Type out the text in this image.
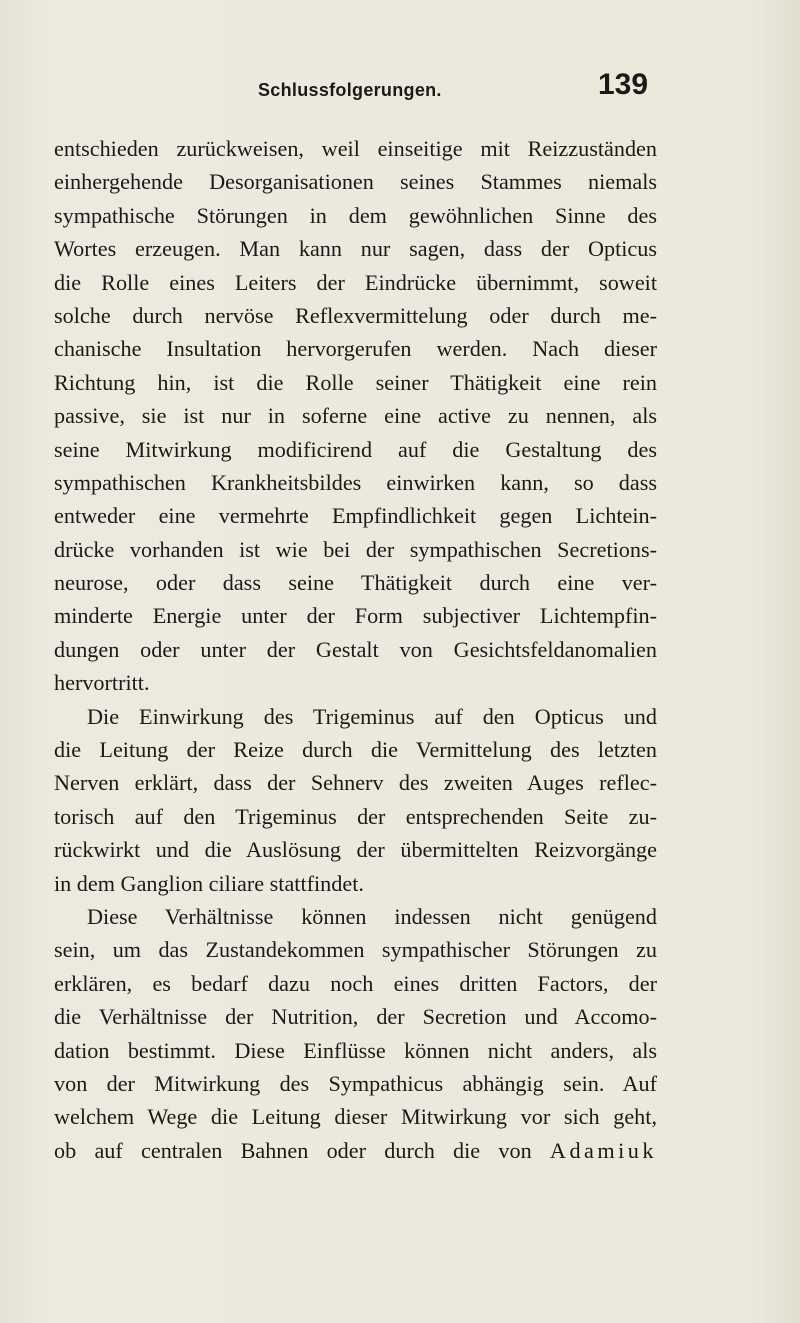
Schlussfolgerungen.	139
entschieden zurückweisen, weil einseitige mit Reizzuständen
einhergehende Desorganisationen seines Stammes niemals
sympathische Störungen in dem gewöhnlichen Sinne des
Wortes erzeugen. Man kann nur sagen, dass der Opticus
die Rolle eines Leiters der Eindrücke übernimmt, soweit
solche durch nervöse Reflexvermittelung oder durch me-
chanische Insultation hervorgerufen werden. Nach dieser
Richtung hin, ist die Rolle seiner Thätigkeit eine rein
passive, sie ist nur in soferne eine active zu nennen, als
seine Mitwirkung modificirend auf die Gestaltung des
sympathischen Krankheitsbildes einwirken kann, so dass
entweder eine vermehrte Empfindlichkeit gegen Lichtein-
drücke vorhanden ist wie bei der sympathischen Secretions-
neurose, oder dass seine Thätigkeit durch eine ver-
minderte Energie unter der Form subjectiver Lichtempfin-
dungen oder unter der Gestalt von Gesichtsfeldanomalien
hervortritt.
Die Einwirkung des Trigeminus auf den Opticus und
die Leitung der Reize durch die Vermittelung des letzten
Nerven erklärt, dass der Sehnerv des zweiten Auges reflec-
torisch auf den Trigeminus der entsprechenden Seite zu-
rückwirkt und die Auslösung der übermittelten Reizvorgänge
in dem Ganglion ciliare stattfindet.
Diese Verhältnisse können indessen nicht genügend
sein, um das Zustandekommen sympathischer Störungen zu
erklären, es bedarf dazu noch eines dritten Factors, der
die Verhältnisse der Nutrition, der Secretion und Accomo-
dation bestimmt. Diese Einflüsse können nicht anders, als
von der Mitwirkung des Sympathicus abhängig sein. Auf
welchem Wege die Leitung dieser Mitwirkung vor sich geht,
ob auf centralen Bahnen oder durch die von Adamiuk
